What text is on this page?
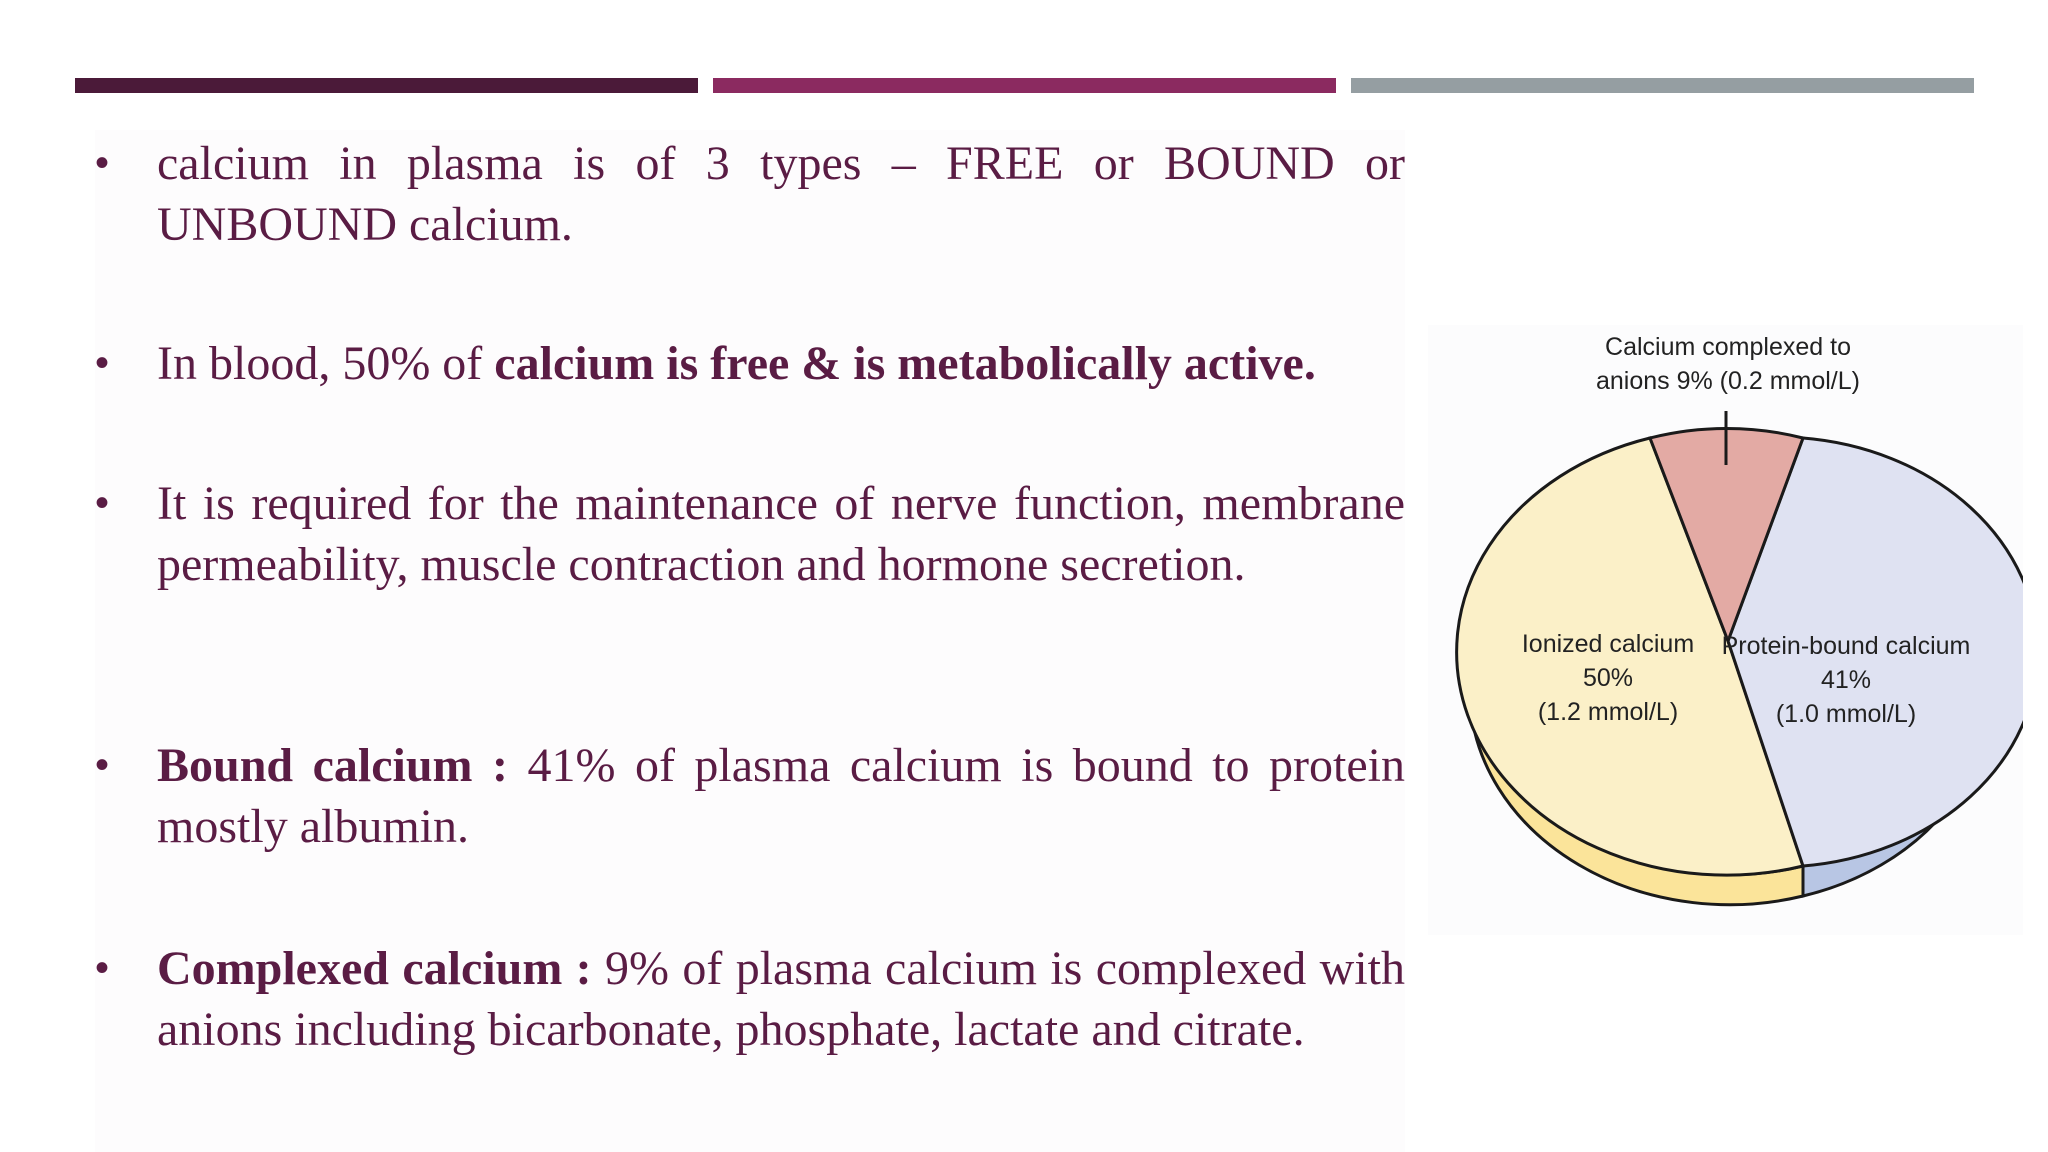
• calcium in plasma is of 3 types – FREE or BOUND or UNBOUND calcium.
• In blood, 50% of calcium is free & is metabolically active.
• It is required for the maintenance of nerve function, membrane permeability, muscle contraction and hormone secretion.
• Bound calcium : 41% of plasma calcium is bound to protein mostly albumin.
• Complexed calcium : 9% of plasma calcium is complexed with anions including bicarbonate, phosphate, lactate and citrate.
Calcium complexed to
anions 9% (0.2 mmol/L)
Ionized calcium
50%
(1.2 mmol/L)
Protein-bound calcium
41%
(1.0 mmol/L)
